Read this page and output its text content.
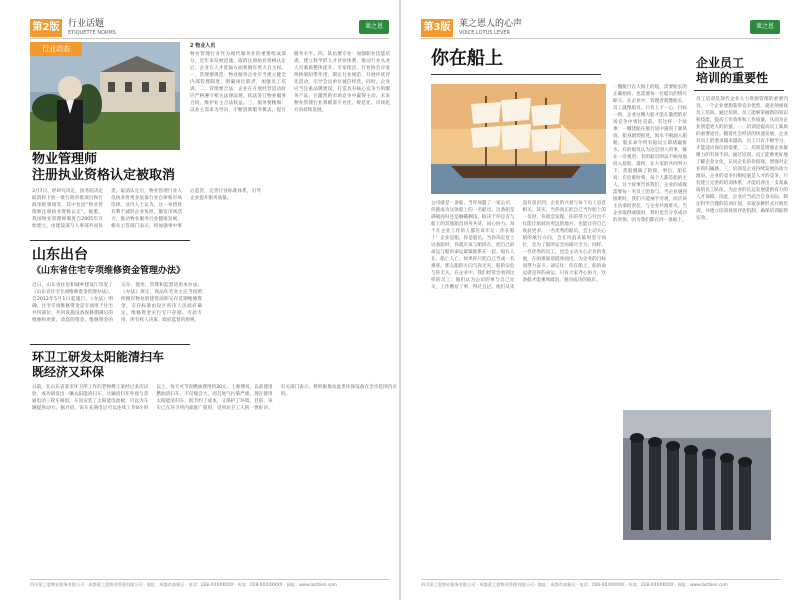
第2版 行业话题
ETIQUETTE NORMS
莱之恩
行业动态
物业管理师
注册执业资格认定被取消
3月7日，经研究决定，国务院决定取消和下放一批行政审批项目和行政审批事项等，其中包括“物业管理师注册执业资格认定”。据悉，我国物业管理师制度自2005年开始建立，由建设部与人事部共同负责。取消认定后，物业管理行业人员执业将更多依靠行业自律和市场选择。业内人士认为，这一举措将有利于减轻企业负担，激发市场活力，推动物业服务行业健康发展。相关主管部门表示，将加强事中事后监管，完善行业标准体系，引导企业提升服务质量。
2 物业人员
物业管理行业作为现代服务业的重要组成部分，近年来发展迅速。取消注册执业资格认定后，企业在人才选拔方面将拥有更大自主权。一、管理要规范：物业服务企业应当建立健全内部管理制度，明确岗位职责，加强员工培训。二、管理要合法：企业在开展经营活动时应严格遵守相关法律法规，依法签订物业服务合同，维护业主合法权益。三、服务要精细：以业主需求为导向，不断创新服务模式，提升服务水平。四、队伍要专业：加强职业技能培训，建立科学的人才评价体系，推动行业从业人员素质整体提升。专家指出，行业协会应发挥桥梁纽带作用，制定行业规范，开展评优评先活动，引导会员单位诚信经营。同时，企业应当注重品牌建设，打造具有核心竞争力的服务产品，在激烈的市场竞争中赢得主动。未来物业管理行业将朝着专业化、规范化、市场化方向持续发展。
山东出台
《山东省住宅专项维修资金管理办法》
近日，山东省住房和城乡建设厅印发了《山东省住宅专项维修资金管理办法》，自2013年5月1日起施行。《办法》明确，住宅专项维修资金是专项用于住宅共用部位、共用设施设备保修期满后的维修和更新、改造的资金。维修资金的交存、使用、管理和监督适用本办法。《办法》规定，商品住宅业主应当按照所拥有物业的建筑面积交存首期维修资金，交存标准由设区的市人民政府确定。维修资金实行专户存储、专款专用、所有权人决策、政府监督的原则。
环卫工研发太阳能清扫车
既经济又环保
日前，在山东省某市环卫所工作的老师傅王某经过多次试验，成功研发出一辆太阳能清扫车。这辆清扫车外观与普通电动三轮车相似，车顶安装了太阳能电池板，可以为车辆提供动力。据介绍，该车充满电后可以连续工作8小时以上，每天可节省燃油费用约30元。王师傅说，以前使用燃油清扫车，不仅噪音大，而且尾气污染严重。现在使用太阳能清扫车，既节约了成本，又保护了环境。目前，该车已在环卫所内部推广使用，受到环卫工人的一致好评。有关部门表示，将积极推动此类环保设备在全市范围内应用。
四川莱之恩物业服务有限公司 · 成都莱之恩物业管理有限公司 · 地址：成都市高新区 · 电话：028-XXXXXXXX · 传真：028-XXXXXXXX · 网址：www.laizhien.com
第3版 莱之恩人的心声
VOICE LOTUS LEVER
莱之恩
你在船上
公司就是一条船，当你加盟了一家公司，你就成为这条船上的一名船员。这条船是满载而归还是触礁搁浅，取决于你是否与船上的其他船员同舟共济，同心协力。每个在企业工作的人都应该牢记：你在船上！企业是船，你是船员。当你决定登上这条船时，你就应该与船同在，把自己的命运与船的命运紧紧联系在一起。船在人在，船亡人亡。如果你只把自己当成一名乘客，那么船的方向与你无关，船的安危与你无关。在企业中，我们经常会看到这样的员工：他们认为公司的事与自己无关，工作敷衍了事，得过且过。他们从来没有意识到，企业的兴衰与每个员工息息相关。其实，当你真正把自己当作船上的一员时，你就会发现，你的努力与付出不仅能让船驶向更远的地方，也能让你自己收获更多。一名优秀的船员，会主动关心船的航行方向，会在风浪来临时坚守岗位，会为了船的安全而竭尽全力。同样，一名优秀的员工，也会主动关心企业的发展，在困难面前挺身而出，为企业的目标而努力奋斗。请记住：你在船上，船的命运就是你的命运。只有大家齐心协力，这条船才能乘风破浪，驶向成功的彼岸。
一艘航行在大海上的船，需要船长的正确指挥，也需要每一位船员的恪尽职守。在企业中，管理者就像船长，员工就像船员。只有上下一心，目标一致，企业这艘大船才能在激烈的市场竞争中勇往直前。有这样一个故事：一艘货船在航行途中遇到了暴风雨，船身剧烈摇晃，海水不断涌入船舱。船长命令所有船员立即堵漏排水。有的船员认为这是别人的事，躲在一旁观望；有的船员则奋不顾身地投入抢险。最终，在大家的共同努力下，货船脱离了险境。事后，船长说：在危难时刻，每个人都是船的主人。这个故事告诉我们，企业的成败需要每一名员工的参与。当企业遇到困难时，我们不能袖手旁观，而应该主动承担责任，与企业共渡难关。当企业取得成绩时，我们也会分享成功的喜悦。因为我们都在同一条船上。
企业员工
培训的重要性
员工培训是现代企业人力资源管理的重要内容，一个企业要想获得竞争优势，就必须重视员工培训。通过培训，员工能够掌握新的知识和技能，提高工作效率和工作质量，从而为企业创造更大的价值。一、培训是提高员工素质的重要途径。随着社会经济的快速发展，企业对员工的要求越来越高，员工只有不断学习，才能适应岗位的需要。二、培训是增强企业凝聚力的有效手段。通过培训，员工能够更好地了解企业文化，认同企业的价值观，增强对企业的归属感。三、培训是企业持续发展的动力源泉。企业的竞争归根结底是人才的竞争，只有建立完善的培训体系，才能培养出一支高素质的员工队伍，为企业的长远发展提供有力的人才保障。因此，企业应当结合自身实际，制定科学合理的培训计划，采取多种形式开展培训，并建立培训效果评估机制，确保培训取得实效。
四川莱之恩物业服务有限公司 · 成都莱之恩物业管理有限公司 · 地址：成都市高新区 · 电话：028-XXXXXXXX · 传真：028-XXXXXXXX · 网址：www.laizhien.com
